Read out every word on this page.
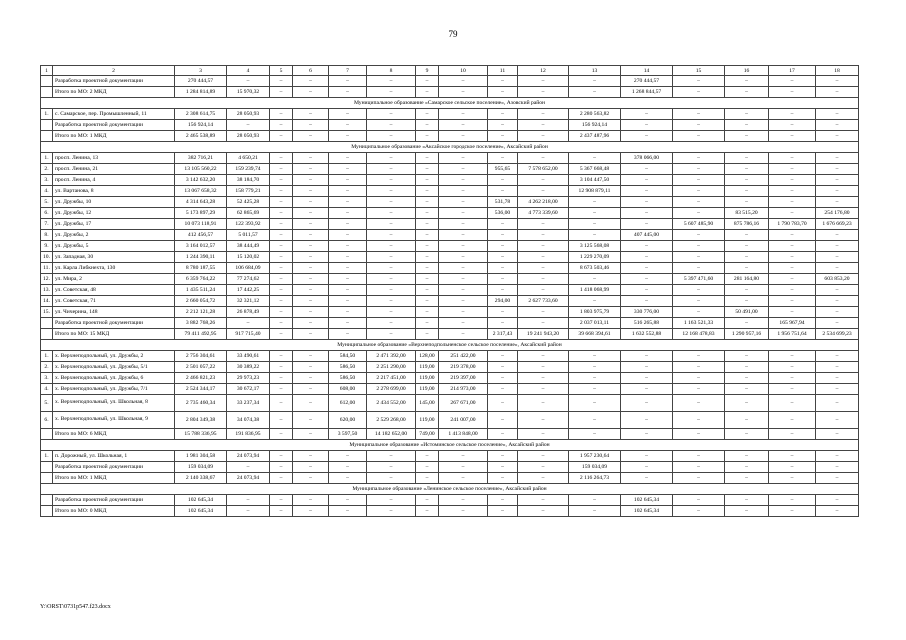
79
1	2	3	4	5	6	7	8	9	10	11	12	13	14	15	16	17	18
	Разработка проектной документации	270 444,57	–	–	–	–	–	–	–	–	–	–	270 444,57	–	–	–	–
	Итого по МО: 2 МКД	1 284 814,89	15 970,32	–	–	–	–	–	–	–	–	–	1 268 844,57	–	–	–	–
Муниципальное образование «Самарское сельское поселение», Азовский район																	
1.	с. Самарское, пер. Промышленный, 11	2 308 614,75	28 050,93	–	–	–	–	–	–	–	–	2 280 563,82	–	–	–	–	–
	Разработка проектной документации	156 924,14	–	–	–	–	–	–	–	–	–	156 924,14	–	–	–	–	–
	Итого по МО: 1 МКД	2 465 538,89	28 050,93	–	–	–	–	–	–	–	–	2 437 487,96	–	–	–	–	–
Муниципальное образование «Аксайское городское поселение», Аксайский район																	
1.	просп. Ленина, 13	382 716,21	4 650,21	–	–	–	–	–	–	–	–	–	378 066,00	–	–	–	–
2.	просп. Ленина, 21	13 105 560,22	159 239,74	–	–	–	–	–	–	955,65	7 578 652,00	5 367 668,48	–	–	–	–	–
3.	просп. Ленина, 4	3 142 632,20	38 184,70	–	–	–	–	–	–	–	–	3 104 447,50	–	–	–	–	–
4.	ул. Вартанова, 8	13 067 658,32	158 779,21	–	–	–	–	–	–	–	–	12 908 879,11	–	–	–	–	–
5.	ул. Дружбы, 10	4 314 643,28	52 425,28	–	–	–	–	–	–	531,78	4 262 218,00	–	–	–	–	–	–
6.	ул. Дружбы, 12	5 173 897,29	62 865,69	–	–	–	–	–	–	536,00	4 773 339,60	–	–	–	83 515,20	–	254 176,80
7.	ул. Дружбы, 17	10 073 118,91	122 393,92	–	–	–	–	–	–	–	–	–	–	5 607 485,90	875 786,16	1 790 783,70	1 676 669,23
8.	ул. Дружбы, 2	412 456,57	5 011,57	–	–	–	–	–	–	–	–	–	407 445,00	–	–	–	–
9.	ул. Дружбы, 5	3 164 012,57	38 444,49	–	–	–	–	–	–	–	–	3 125 568,08	–	–	–	–	–
10.	ул. Западная, 30	1 244 390,11	15 120,02	–	–	–	–	–	–	–	–	1 229 270,09	–	–	–	–	–
11.	ул. Карла Либкнехта, 130	8 780 187,55	106 684,09	–	–	–	–	–	–	–	–	8 673 503,46	–	–	–	–	–
12.	ул. Мира, 2	6 359 764,22	77 274,62	–	–	–	–	–	–	–	–	–	–	5 397 471,60	281 164,80	–	603 853,20
13.	ул. Советская, 48	1 435 511,24	17 442,25	–	–	–	–	–	–	–	–	1 418 068,99	–	–	–	–	–
14.	ул. Советская, 71	2 660 054,72	32 321,12	–	–	–	–	–	–	294,00	2 627 733,60	–	–	–	–	–	–
15.	ул. Чичерина, 148	2 212 121,28	26 878,49	–	–	–	–	–	–	–	–	1 803 975,79	330 776,00	–	50 491,00	–	–
	Разработка проектной документации	3 882 768,26	–	–	–	–	–	–	–	–	–	2 037 013,11	516 265,88	1 163 521,33	–	165 967,94	–
	Итого по МО: 15 МКД	79 411 492,95	917 715,40	–	–	–	–	–	–	2 317,43	19 241 943,20	39 668 394,61	1 632 552,88	12 168 478,83	1 290 957,16	1 956 751,64	2 534 699,23
Муниципальное образование «Верхнеподпольненское сельское поселение», Аксайский район																	
1.	х. Верхнеподпольный, ул. Дружбы, 2	2 756 304,61	33 490,61	–	–	584,50	2 471 392,00	128,00	251 422,00	–	–	–	–	–	–	–	–
2.	х. Верхнеподпольный, ул. Дружбы, 5/1	2 501 057,22	30 389,22	–	–	586,50	2 251 290,00	119,00	219 378,00	–	–	–	–	–	–	–	–
3.	х. Верхнеподпольный, ул. Дружбы, 6	2 466 821,23	29 973,23	–	–	586,50	2 217 451,00	119,00	219 397,00	–	–	–	–	–	–	–	–
4.	х. Верхнеподпольный, ул. Дружбы, 7/1	2 524 344,17	30 672,17	–	–	608,00	2 278 699,00	119,00	214 973,00	–	–	–	–	–	–	–	–
5.	х. Верхнеподпольный, ул. Школьная, 8	2 735 460,34	33 237,34	–	–	612,00	2 434 552,00	145,00	267 671,00	–	–	–	–	–	–	–	–
6.	х. Верхнеподпольный, ул. Школьная, 9	2 804 349,38	34 074,38	–	–	620,00	2 529 268,00	119,00	241 007,00	–	–	–	–	–	–	–	–
	Итого по МО: 6 МКД	15 788 336,95	191 836,95	–	–	3 597,50	14 182 652,00	749,00	1 413 848,00	–	–	–	–	–	–	–	–
Муниципальное образование «Истоминское сельское поселение», Аксайский район																	
1.	п. Дорожный, ул. Школьная, 1	1 981 304,58	24 073,94	–	–	–	–	–	–	–	–	1 957 230,64	–	–	–	–	–
	Разработка проектной документации	159 034,09	–	–	–	–	–	–	–	–	–	159 034,09	–	–	–	–	–
	Итого по МО: 1 МКД	2 140 338,67	24 073,94	–	–	–	–	–	–	–	–	2 116 264,73	–	–	–	–	–
Муниципальное образование «Ленинское сельское поселение», Аксайский район																	
	Разработка проектной документации	102 645,34	–	–	–	–	–	–	–	–	–	–	102 645,34	–	–	–	–
	Итого по МО: 0 МКД	102 645,34	–	–	–	–	–	–	–	–	–	–	102 645,34	–	–	–	–
Y:\ORST\0731p547.f23.docx
